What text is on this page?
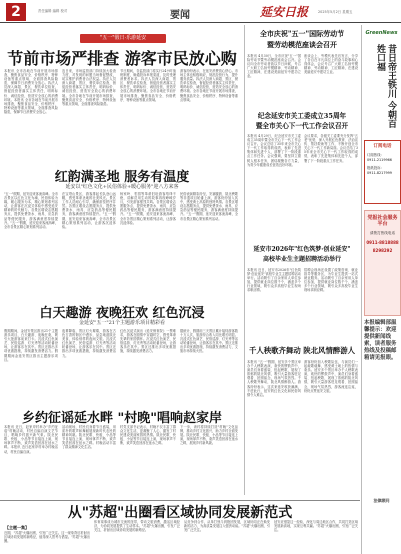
2	责任编辑 编辑 校对	要闻	延安日报	2025年5月2日 星期五
"五一"假日·乐游延安
节前市场严排查 游客市民放心购
本报讯 全市各地在节前开展市场排查，聚焦食品安全、价格秩序、特种设备等重点领域，全面排查风险隐患，保障节日消费安全放心。执法人员深入商超、景区、餐饮单位检查，督促经营者落实主体责任，明码标价、诚信经营，营造安全放心的消费环境。本报讯 全市各地在节前开展市场排查，聚焦食品安全、价格秩序、特种设备等重点领域，全面排查风险隐患，保障节日消费安全放心。
连日来，市场监管部门持续加大检查力度，对发现的问题当场督促整改，切实维护消费者合法权益。执法人员深入商超、景区、餐饮单位检查，督促经营者落实主体责任，明码标价、诚信经营，营造安全放心的消费环境。全市各地在节前开展市场排查，聚焦食品安全、价格秩序、特种设备等重点领域，全面排查风险隐患。
节日期间，各监管部门将实行24小时值班制度，畅通投诉举报渠道，及时受理消费者诉求。执法人员深入商超、景区、餐饮单位检查，督促经营者落实主体责任，明码标价、诚信经营，营造安全放心的消费环境。全市各地在节前开展市场排查，聚焦食品安全、价格秩序、特种设备等重点领域。
游客纷纷表示，在延安消费放心舒心。市场主体也积极响应，规范经营行为，提升服务质量。执法人员深入商超、景区、餐饮单位检查，督促经营者落实主体责任，明码标价、诚信经营，营造安全放心的消费环境。全市各地在节前开展市场排查，聚焦食品安全、价格秩序、特种设备等重点领域。
红韵满圣地 服务有温度
延安以"红色文化+民俗体验+暖心服务"迎八方来客
"五一"假期，延安迎来客流高峰。全市各景区以红色文化为魂，民俗体验为媒，暖心服务为本，精心策划系列活动，让游客在沉浸式体验中感受延安精神的时代魅力。各景区增设志愿服务点，提供免费茶水、雨具、应急药品等便民服务，游客满意度持续提升。"五一"假期，延安迎来客流高峰，全市各景区精心策划系列活动。
在宝塔山景区，游客排起长队登山远眺，感受革命圣地的壮美风光。景区工作人员耐心引导，确保游览秩序井然。各景区增设志愿服务点，提供免费茶水、雨具、应急药品等便民服务，游客满意度持续提升。"五一"假期，延安迎来客流高峰，全市各景区精心策划系列活动，让游客沉浸体验。
杨家岭、枣园等革命旧址游客络绎不绝，讲解员用生动的故事再现峥嵘岁月，引发游客强烈共鸣。各景区增设志愿服务点，提供免费茶水、雨具、应急药品等便民服务，游客满意度持续提升。"五一"假期，延安迎来客流高峰，全市各景区精心策划系列活动，让游客沉浸体验。
民俗表演精彩纷呈，安塞腰鼓、陕北秧歌等非遗项目轮番上演，游客纷纷加入其中，感受黄土高原的独特风情。各景区增设志愿服务点，提供免费茶水、雨具、应急药品等便民服务，游客满意度持续提升。"五一"假期，延安迎来客流高峰，全市各景区精心策划系列活动。
白天趣游 夜晚狂欢 红色沉浸
金延安"五一"21个主题游乐项目精彩看
假期期间，金延安景区推出21个主题游乐项目，白天趣游、夜晚狂欢，吸引大批游客前来打卡。沉浸式红色演艺、民俗巡游、灯光秀等活动轮番登场，让游客乐在其中。景区还推出多项优惠措施，持续激发消费活力。假期期间金延安景区推出主题游乐项目。
夜幕降临，景区灯火璀璨，游客在古色古香的街区中漫步，品尝地道陕北美食，体验别样的夜间文旅。沉浸式红色演艺、民俗巡游、灯光秀等活动轮番登场，让游客乐在其中。景区还推出多项优惠措施，持续激发消费活力。
红色沉浸式演出《延安保育院》一票难求，游客在剧情中穿越时空，感受革命先辈的家国情怀。沉浸式红色演艺、民俗巡游、灯光秀等活动轮番登场，让游客乐在其中。景区还推出多项优惠措施，持续激发消费活力。
据统计，假期前三天景区累计接待游客数十万人次，旅游综合收入同比增长明显。沉浸式红色演艺、民俗巡游、灯光秀等活动轮番登场，让游客乐在其中。景区还推出多项优惠措施，持续激发消费活力，文旅市场持续火热。
乡约征谣延水畔 "村晚"唱响赵家岸
本报讯 近日，赵家岸村举办"乡约征谣"村晚活动，村民自编自演文艺节目，唱响乡村振兴新气象。陕北民歌、快板、小品等节目接连上演，现场掌声不断，欢声笑语回荡在延水之畔。本报讯 近日赵家岸村举办村晚活动，村民自编自演。
活动现场，村民们身着节日盛装，用质朴的歌声和舞蹈展现新时代农民的精神风貌。陕北民歌、快板、小品等节目接连上演，现场掌声不断，欢声笑语回荡在延水之畔。村晚活动丰富了群众精神文化生活。
村党支部书记表示，村晚不仅丰富了群众文化生活，更凝聚了人心，激发了村民建设美丽家园的热情。陕北民歌、快板、小品等节目接连上演，现场掌声不断，欢声笑语回荡在延水之畔。
下一步，该村将持续打造"村晚"文化品牌，推动乡村文化振兴，助力乡村全面发展。陕北民歌、快板、小品等节目接连上演，现场掌声不断，欢声笑语回荡在延水之畔，展现乡村新风貌。
全市庆祝"五一"国际劳动节
暨劳动模范座谈会召开
本报讯 4月30日，全市庆祝"五一"国际劳动节暨劳动模范座谈会召开。会议向全市劳动者致以节日问候，号召广大职工弘扬劳模精神、劳动精神、工匠精神，在建设美丽延安中建功立业。
座谈会上，劳模代表先后发言，分享了各自在平凡岗位上的奋斗故事和心得体会，会议号召广大职工弘扬劳模精神、劳动精神、工匠精神，在建设美丽延安中建功立业。
纪念延安市关工委成立35周年
暨全市关心下一代工作会议召开
本报讯 4月29日，纪念延安市关工委成立35周年暨全市关心下一代工作会议召开。会议总结了35年来全市关心下一代工作取得的成绩，表彰了先进集体和先进个人，部署了下一阶段重点工作任务。会议强调，要坚持立德树人根本任务，团结凝聚各方力量，为青少年健康成长营造良好环境。
会议要求，各级关工委要充分发挥"五老"优势，深入开展红色教育、法治宣传、帮扶救助等工作，不断开创全市关心下一代工作新局面。会议总结了35年来全市关心下一代工作取得的成绩，表彰了先进集体和先进个人，部署了下一阶段重点工作任务。
延安市2026年"红色筑梦·创业延安"
高校毕业生主题招聘活动举行
本报讯 近日，延安市2026年"红色筑梦·创业延安"高校毕业生主题招聘活动举行。活动吸引了百余家用人单位参加，提供就业岗位数千个，涵盖多个行业领域，吸引众多高校毕业生现场求职应聘。
招聘会现场还设置了政策咨询、就业指导等服务区，为毕业生提供一站式就业服务。活动吸引了百余家用人单位参加，提供就业岗位数千个，涵盖多个行业领域，吸引众多高校毕业生现场求职应聘。
千人秧歌齐舞动 陕北风情醉游人
本报讯 "五一"假期，延安多个景区举办千人秧歌表演，欢快的锣鼓声中，演员们身着盛装、扭起秧歌，展现了浓郁的陕北风情，吸引大量游客驻足观看、拍照留念，现场气氛热烈。千人秧歌齐舞动，陕北风情醉游人。游客纷纷表示，这次来延安收获满满，不虚此行，延安的红色文化和民俗风情令人难忘。
游客纷纷加入秧歌队伍，与演员们一起载歌载舞，感受黄土地上的热情与欢乐。延安多个景区举办千人秧歌表演，欢快的锣鼓声中，演员们身着盛装、扭起秧歌，展现了浓郁的陕北风情，吸引大量游客驻足观看、拍照留念，现场气氛热烈，游客流连忘返，纷纷点赞延安文旅。
从"苏超"出圈看区域协同发展新范式
【主题一集】
近期，"苏超"火爆出圈，引发广泛关注。这一现象背后折射出区域协同发展的新路径，值得深入思考与借鉴。"苏超"火爆出圈。
体育赛事成为城市交流的纽带，带动文旅消费，激活区域经济，为协同发展提供了生动样本。"苏超"火爆出圈，引发广泛关注，折射出区域协同发展的新路径。
从竞争到合作，从单打独斗到抱团发展，区域协同正在焕发新的活力，为高质量发展注入强劲动能。"苏超"火爆出圈，引发广泛关注。
延安应借鉴这一经验，深化与周边地区合作，共同打造区域发展新高地，实现互利共赢。"苏超"火爆出圈，引发广泛关注。
GreenNews
昔日帝王铁川 今朝百姓口福
订阅电话
订阅热线：
0911-2119966
报纸投诉：
0911-8217999
党报社会服务平台
请拨打热线电话
0911-8818888
8298292
本报编辑部温馨提示：欢迎提供新闻线索，读者服务热线及投稿邮箱请见报眼。
法律顾问
